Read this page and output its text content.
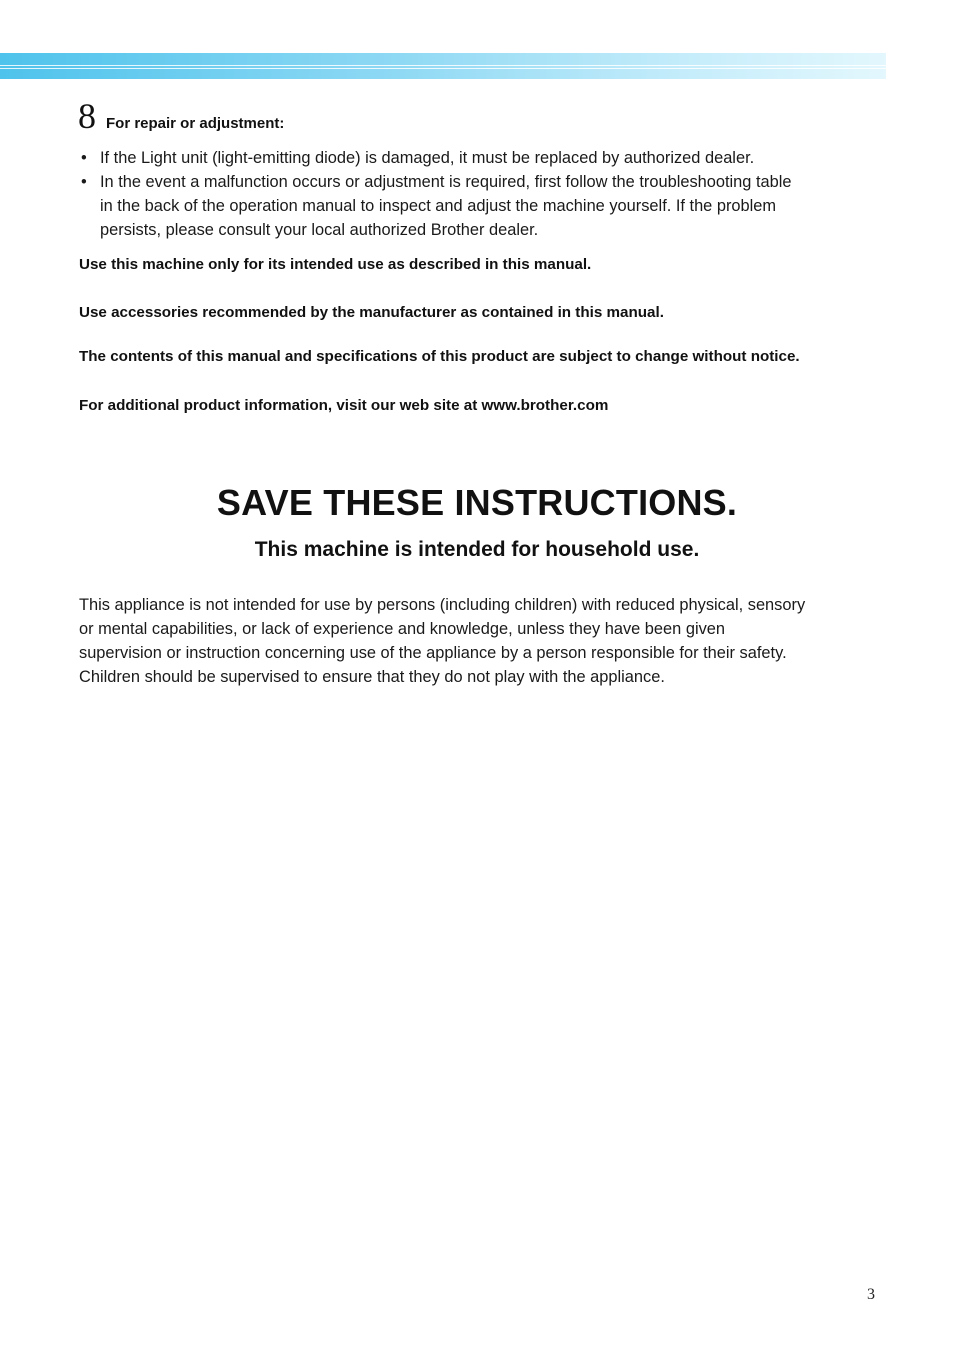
8 For repair or adjustment:
• If the Light unit (light-emitting diode) is damaged, it must be replaced by authorized dealer.
• In the event a malfunction occurs or adjustment is required, first follow the troubleshooting table
in the back of the operation manual to inspect and adjust the machine yourself. If the problem
persists, please consult your local authorized Brother dealer.
Use this machine only for its intended use as described in this manual.
Use accessories recommended by the manufacturer as contained in this manual.
The contents of this manual and specifications of this product are subject to change without notice.
For additional product information, visit our web site at www.brother.com
SAVE THESE INSTRUCTIONS.
This machine is intended for household use.

This appliance is not intended for use by persons (including children) with reduced physical, sensory
or mental capabilities, or lack of experience and knowledge, unless they have been given
supervision or instruction concerning use of the appliance by a person responsible for their safety.
Children should be supervised to ensure that they do not play with the appliance.

3
